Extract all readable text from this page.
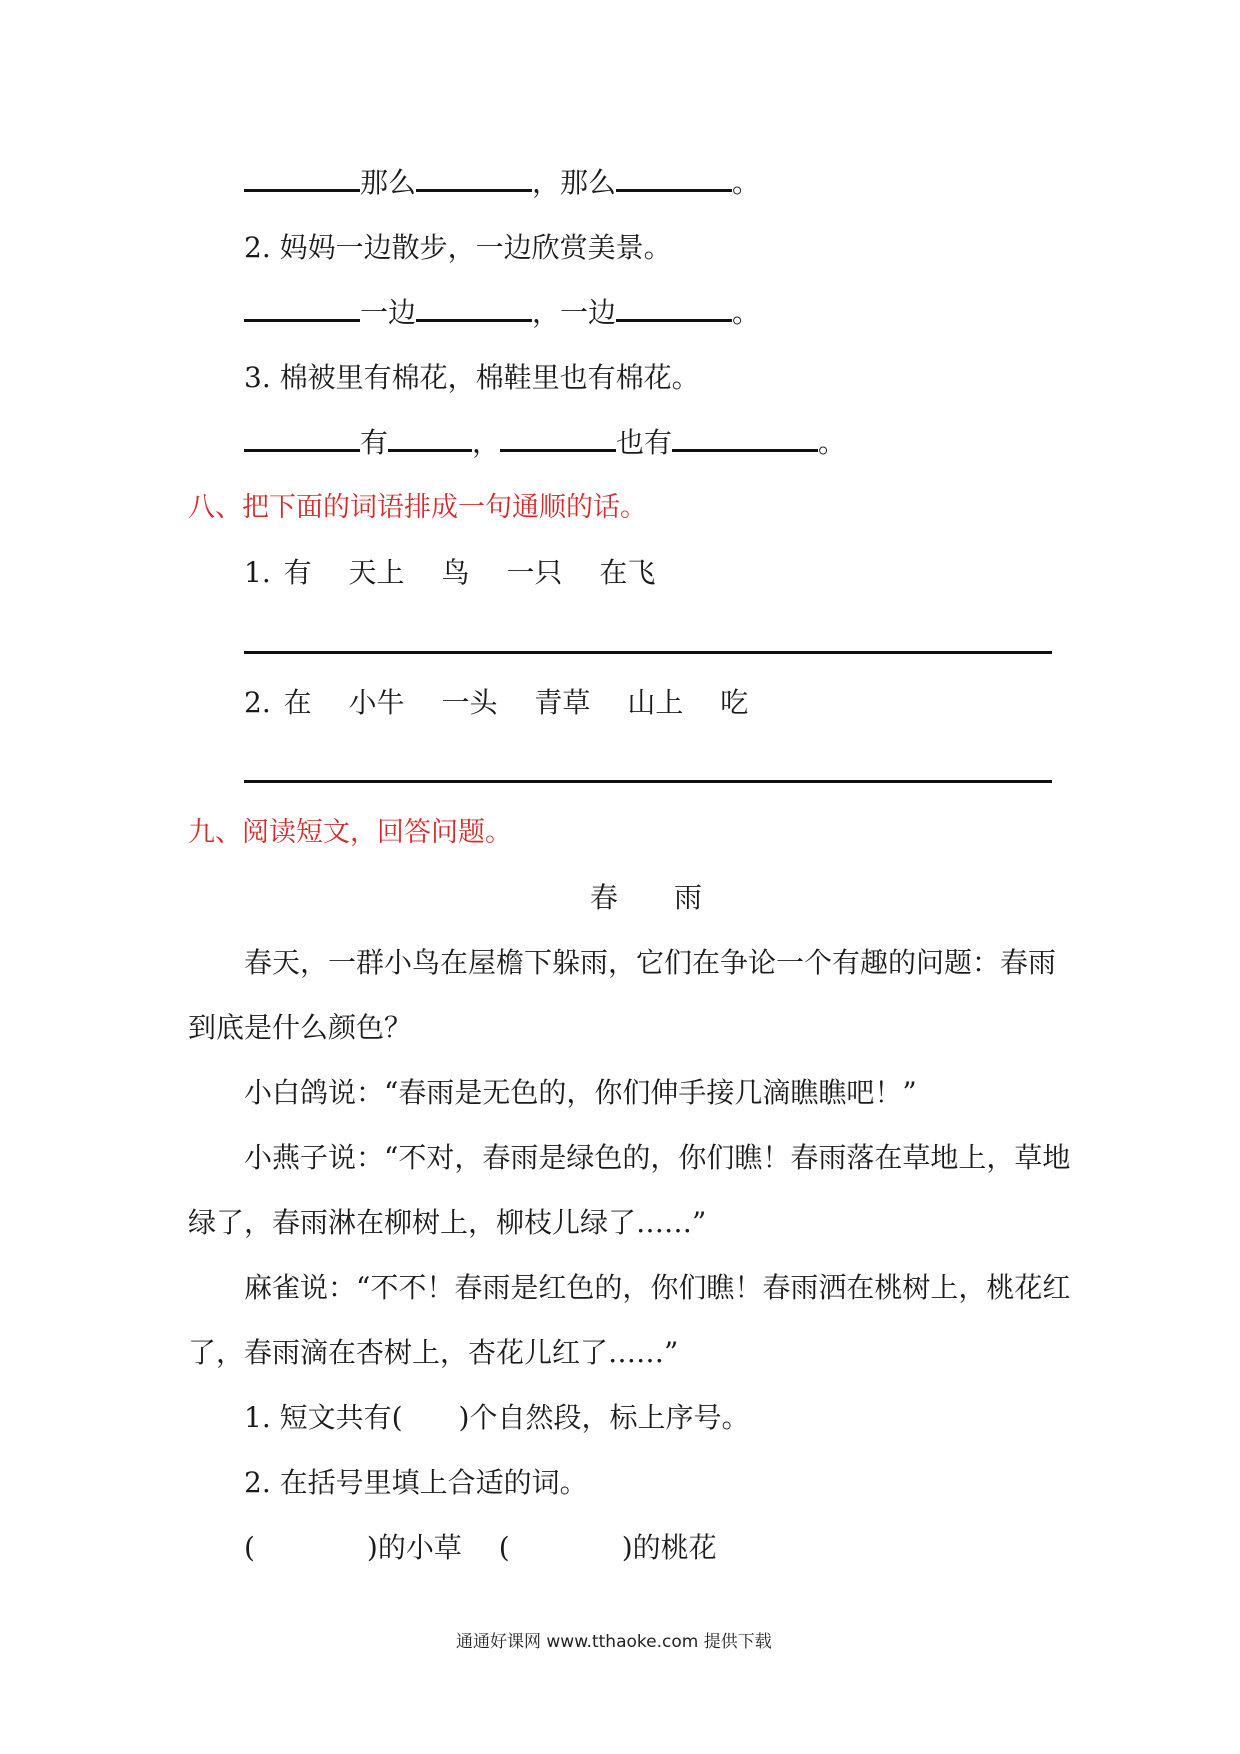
那么	，那么	。
2. 妈妈一边散步，一边欣赏美景。
一边	，一边	。
3. 棉被里有棉花，棉鞋里也有棉花。
有	，	也有	。
八、把下面的词语排成一句通顺的话。
1. 有 天上 鸟 一只 在飞
2. 在 小牛 一头 青草 山上 吃
九、阅读短文，回答问题。
春　　雨
春天，一群小鸟在屋檐下躲雨，它们在争论一个有趣的问题：春雨
到底是什么颜色？
小白鸽说：“春雨是无色的，你们伸手接几滴瞧瞧吧！”
小燕子说：“不对，春雨是绿色的，你们瞧！春雨落在草地上，草地
绿了，春雨淋在柳树上，柳枝儿绿了……”
麻雀说：“不不！春雨是红色的，你们瞧！春雨洒在桃树上，桃花红
了，春雨滴在杏树上，杏花儿红了……”
1. 短文共有(　　)个自然段，标上序号。
2. 在括号里填上合适的词。
(　　　　)的小草 (　　　　)的桃花
通通好课网 www.tthaoke.com 提供下载
